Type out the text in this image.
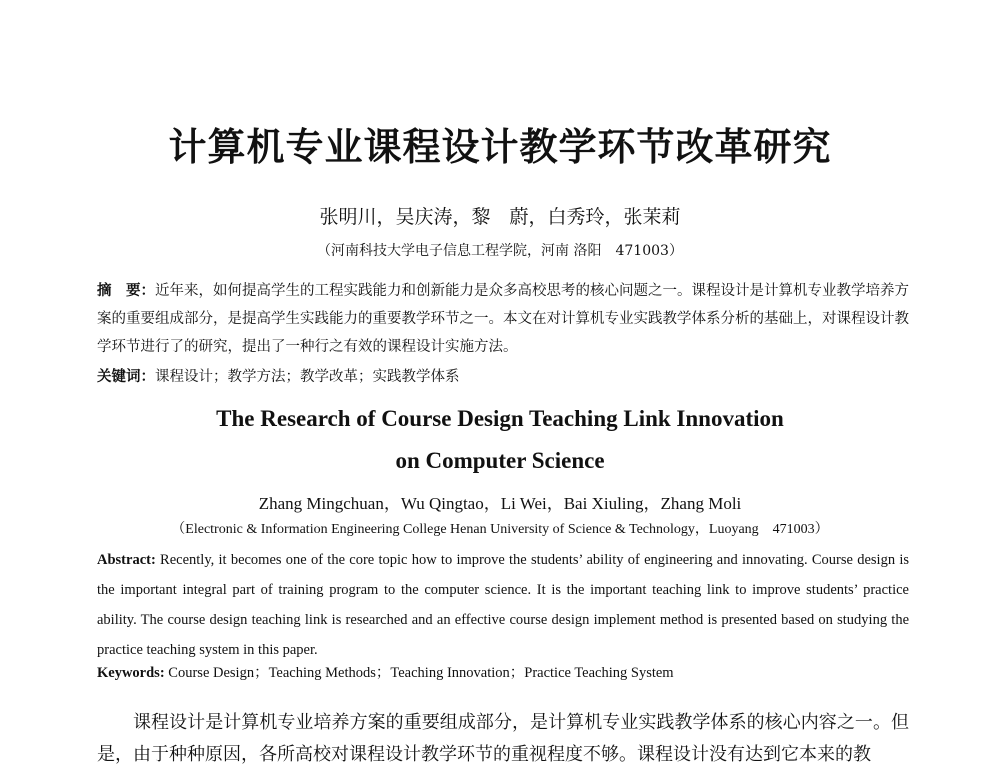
计算机专业课程设计教学环节改革研究
张明川，吴庆涛，黎　蔚，白秀玲，张茉莉
（河南科技大学电子信息工程学院，河南 洛阳　471003）
摘　要：近年来，如何提高学生的工程实践能力和创新能力是众多高校思考的核心问题之一。课程设计是计算机专业教学培养方案的重要组成部分，是提高学生实践能力的重要教学环节之一。本文在对计算机专业实践教学体系分析的基础上，对课程设计教学环节进行了的研究，提出了一种行之有效的课程设计实施方法。
关键词：课程设计；教学方法；教学改革；实践教学体系
The Research of Course Design Teaching Link Innovation
on Computer Science
Zhang Mingchuan，Wu Qingtao，Li Wei，Bai Xiuling，Zhang Moli
（Electronic & Information Engineering College Henan University of Science & Technology，Luoyang　471003）
Abstract: Recently, it becomes one of the core topic how to improve the students’ ability of engineering and innovating. Course design is the important integral part of training program to the computer science. It is the important teaching link to improve students’ practice ability. The course design teaching link is researched and an effective course design implement method is presented based on studying the practice teaching system in this paper.
Keywords: Course Design；Teaching Methods；Teaching Innovation；Practice Teaching System
课程设计是计算机专业培养方案的重要组成部分，是计算机专业实践教学体系的核心内容之一。但是，由于种种原因，各所高校对课程设计教学环节的重视程度不够。课程设计没有达到它本来的教
